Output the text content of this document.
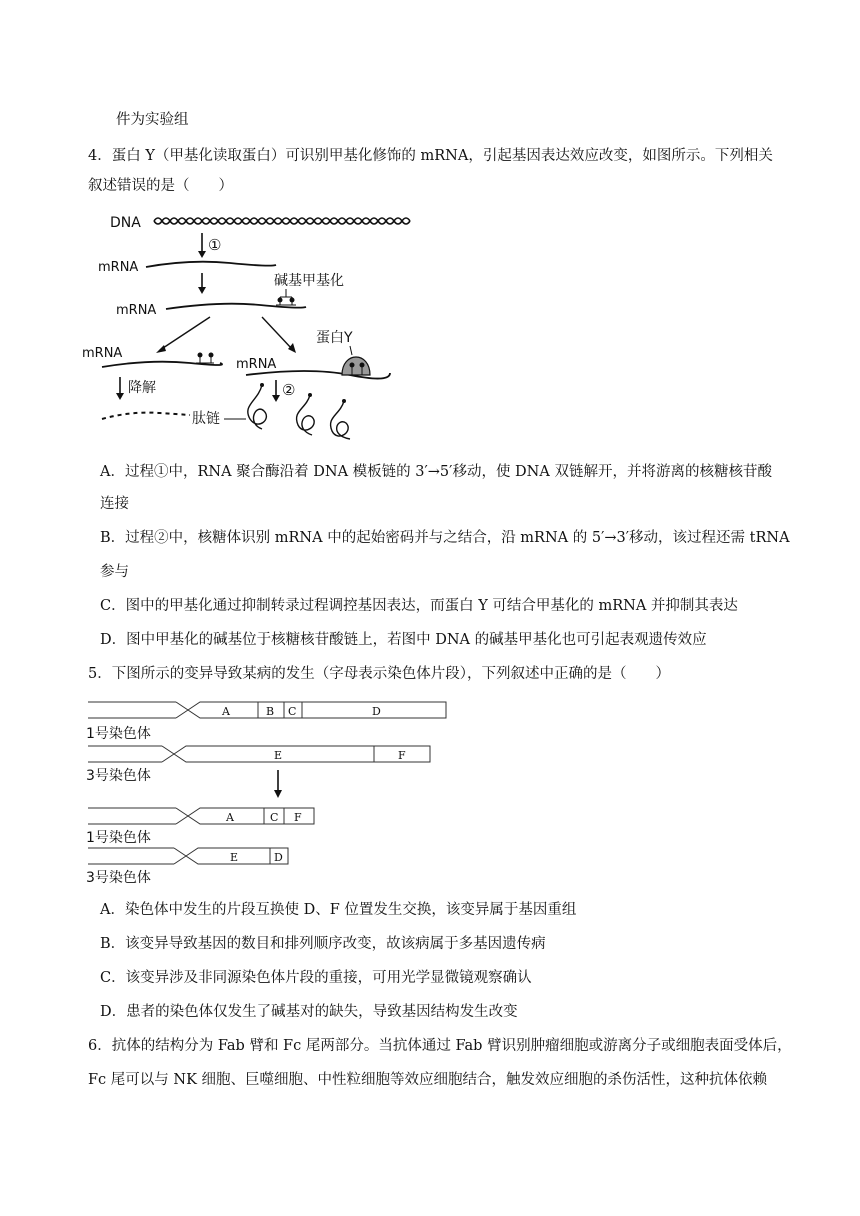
件为实验组
4．蛋白 Y（甲基化读取蛋白）可识别甲基化修饰的 mRNA，引起基因表达效应改变，如图所示。下列相关
叙述错误的是（　　）
DNA
①
mRNA
碱基甲基化
mRNA
蛋白Y
mRNA
mRNA
降解	②
肽链
A．过程①中，RNA 聚合酶沿着 DNA 模板链的 3′→5′移动，使 DNA 双链解开，并将游离的核糖核苷酸
连接
B．过程②中，核糖体识别 mRNA 中的起始密码并与之结合，沿 mRNA 的 5′→3′移动，该过程还需 tRNA
参与
C．图中的甲基化通过抑制转录过程调控基因表达，而蛋白 Y 可结合甲基化的 mRNA 并抑制其表达
D．图中甲基化的碱基位于核糖核苷酸链上，若图中 DNA 的碱基甲基化也可引起表观遗传效应
5．下图所示的变异导致某病的发生（字母表示染色体片段），下列叙述中正确的是（　　）
A	B C	D
1号染色体
E	F
3号染色体
A	C F
1号染色体
E	D
3号染色体
A．染色体中发生的片段互换使 D、F 位置发生交换，该变异属于基因重组
B．该变异导致基因的数目和排列顺序改变，故该病属于多基因遗传病
C．该变异涉及非同源染色体片段的重接，可用光学显微镜观察确认
D．患者的染色体仅发生了碱基对的缺失，导致基因结构发生改变
6．抗体的结构分为 Fab 臂和 Fc 尾两部分。当抗体通过 Fab 臂识别肿瘤细胞或游离分子或细胞表面受体后，
Fc 尾可以与 NK 细胞、巨噬细胞、中性粒细胞等效应细胞结合，触发效应细胞的杀伤活性，这种抗体依赖
